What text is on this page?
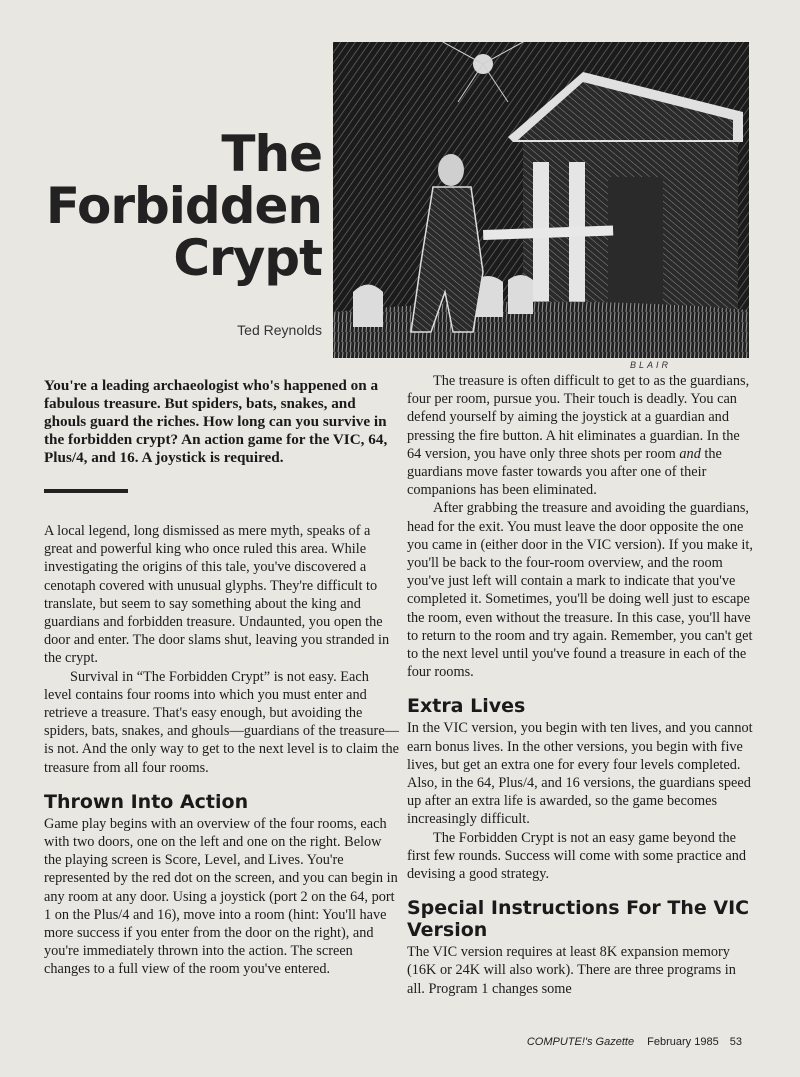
The
Forbidden
Crypt
Ted Reynolds
BLAIR
You're a leading archaeologist who's happened on a fabulous treasure. But spiders, bats, snakes, and ghouls guard the riches. How long can you survive in the forbidden crypt? An action game for the VIC, 64, Plus/4, and 16. A joystick is required.

A local legend, long dismissed as mere myth, speaks of a great and powerful king who once ruled this area. While investigating the origins of this tale, you've discovered a cenotaph covered with unusual glyphs. They're difficult to translate, but seem to say something about the king and guardians and forbidden treasure. Undaunted, you open the door and enter. The door slams shut, leaving you stranded in the crypt.

Survival in “The Forbidden Crypt” is not easy. Each level contains four rooms into which you must enter and retrieve a treasure. That's easy enough, but avoiding the spiders, bats, snakes, and ghouls—guardians of the treasure—is not. And the only way to get to the next level is to claim the treasure from all four rooms.

Thrown Into Action

Game play begins with an overview of the four rooms, each with two doors, one on the left and one on the right. Below the playing screen is Score, Level, and Lives. You're represented by the red dot on the screen, and you can begin in any room at any door. Using a joystick (port 2 on the 64, port 1 on the Plus/4 and 16), move into a room (hint: You'll have more success if you enter from the door on the right), and you're immediately thrown into the action. The screen changes to a full view of the room you've entered.

The treasure is often difficult to get to as the guardians, four per room, pursue you. Their touch is deadly. You can defend yourself by aiming the joystick at a guardian and pressing the fire button. A hit eliminates a guardian. In the 64 version, you have only three shots per room and the guardians move faster towards you after one of their companions has been eliminated.

After grabbing the treasure and avoiding the guardians, head for the exit. You must leave the door opposite the one you came in (either door in the VIC version). If you make it, you'll be back to the four-room overview, and the room you've just left will contain a mark to indicate that you've completed it. Sometimes, you'll be doing well just to escape the room, even without the treasure. In this case, you'll have to return to the room and try again. Remember, you can't get to the next level until you've found a treasure in each of the four rooms.

Extra Lives

In the VIC version, you begin with ten lives, and you cannot earn bonus lives. In the other versions, you begin with five lives, but get an extra one for every four levels completed. Also, in the 64, Plus/4, and 16 versions, the guardians speed up after an extra life is awarded, so the game becomes increasingly difficult.

The Forbidden Crypt is not an easy game beyond the first few rounds. Success will come with some practice and devising a good strategy.

Special Instructions For The VIC Version

The VIC version requires at least 8K expansion memory (16K or 24K will also work). There are three programs in all. Program 1 changes some

COMPUTE!'s Gazette February 1985 53
